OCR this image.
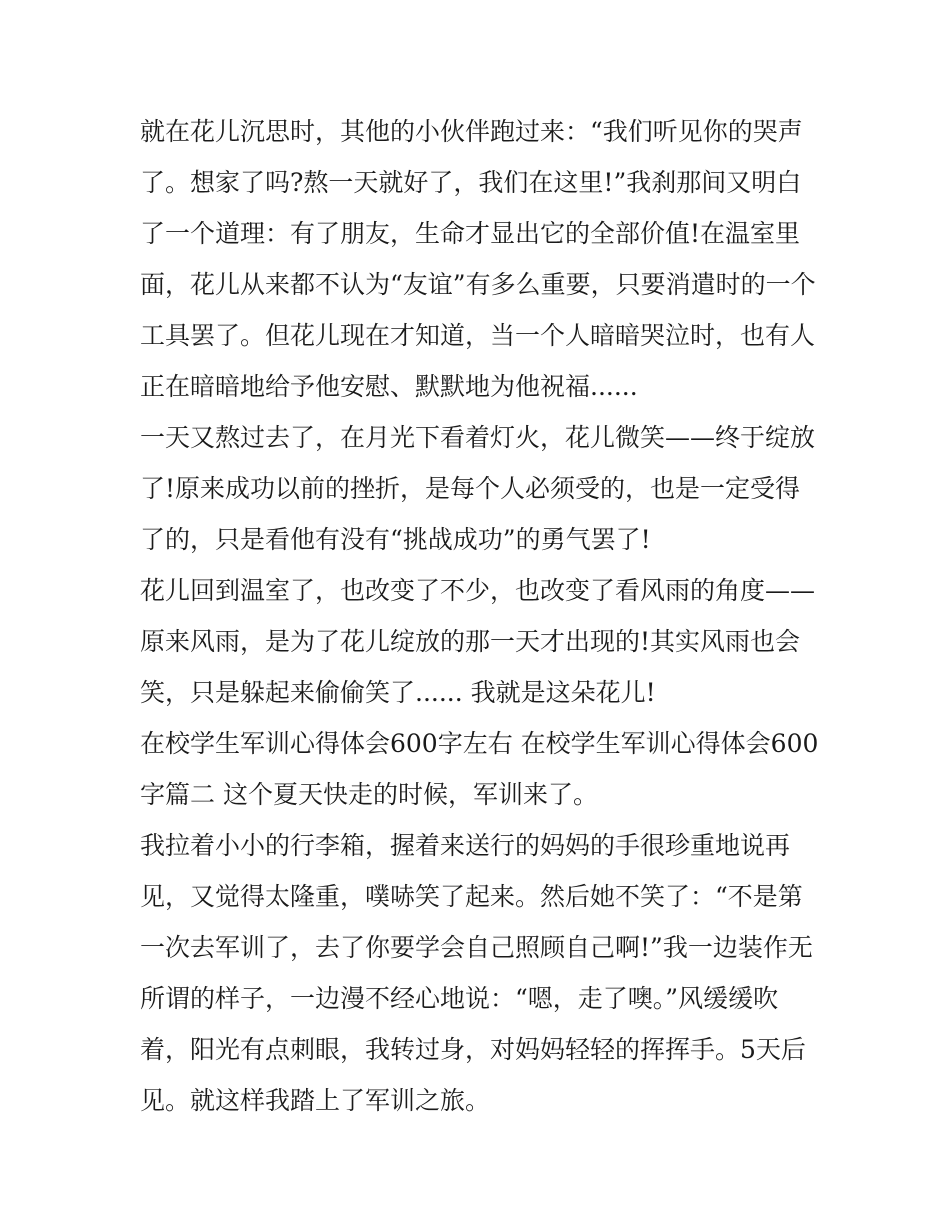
就在花儿沉思时，其他的小伙伴跑过来：“我们听见你的哭声
了。想家了吗?熬一天就好了，我们在这里!”我刹那间又明白
了一个道理：有了朋友，生命才显出它的全部价值!在温室里
面，花儿从来都不认为“友谊”有多么重要，只要消遣时的一个
工具罢了。但花儿现在才知道，当一个人暗暗哭泣时，也有人
正在暗暗地给予他安慰、默默地为他祝福......
一天又熬过去了，在月光下看着灯火，花儿微笑——终于绽放
了!原来成功以前的挫折，是每个人必须受的，也是一定受得
了的，只是看他有没有“挑战成功”的勇气罢了!
花儿回到温室了，也改变了不少，也改变了看风雨的角度——
原来风雨，是为了花儿绽放的那一天才出现的!其实风雨也会
笑，只是躲起来偷偷笑了...... 我就是这朵花儿!
在校学生军训心得体会600字左右 在校学生军训心得体会600
字篇二 这个夏天快走的时候，军训来了。
我拉着小小的行李箱，握着来送行的妈妈的手很珍重地说再
见，又觉得太隆重，噗哧笑了起来。然后她不笑了：“不是第
一次去军训了，去了你要学会自己照顾自己啊!”我一边装作无
所谓的样子，一边漫不经心地说：“嗯，走了噢。”风缓缓吹
着，阳光有点刺眼，我转过身，对妈妈轻轻的挥挥手。5天后
见。就这样我踏上了军训之旅。
